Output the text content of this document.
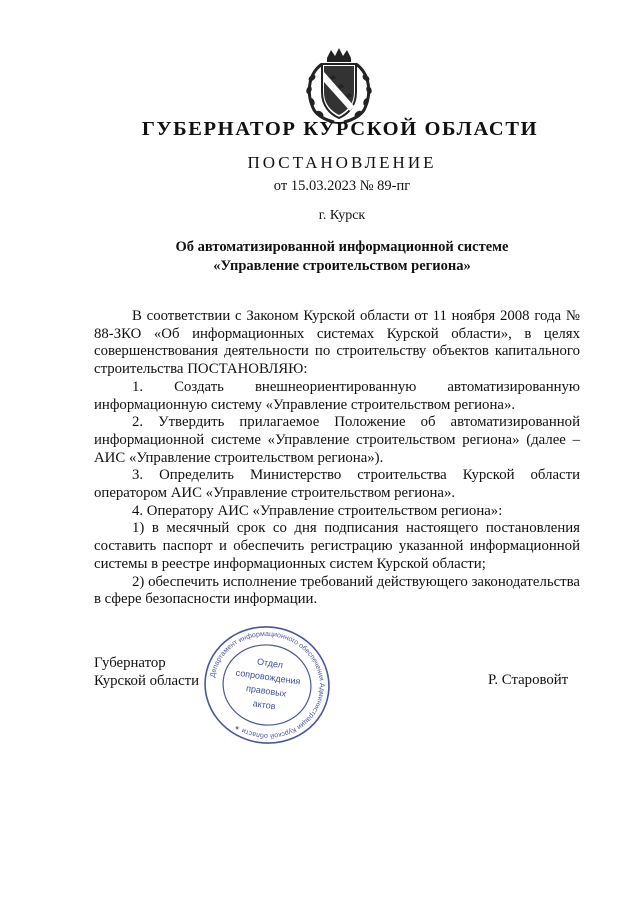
ГУБЕРНАТОР КУРСКОЙ ОБЛАСТИ
ПОСТАНОВЛЕНИЕ
от 15.03.2023 № 89-пг
г. Курск
Об автоматизированной информационной системе
«Управление строительством региона»

В соответствии с Законом Курской области от 11 ноября 2008 года № 88-ЗКО «Об информационных системах Курской области», в целях совершенствования деятельности по строительству объектов капитального строительства ПОСТАНОВЛЯЮ:

1. Создать внешнеориентированную автоматизированную информационную систему «Управление строительством региона».

2. Утвердить прилагаемое Положение об автоматизированной информационной системе «Управление строительством региона» (далее – АИС «Управление строительством региона»).

3. Определить Министерство строительства Курской области оператором АИС «Управление строительством региона».

4. Оператору АИС «Управление строительством региона»:

1) в месячный срок со дня подписания настоящего постановления составить паспорт и обеспечить регистрацию указанной информационной системы в реестре информационных систем Курской области;

2) обеспечить исполнение требований действующего законодательства в сфере безопасности информации.

Губернатор
Курской области	Р. Старовойт
Департамент информационного обеспечения Администрации Курской области ✶
Отдел
сопровождения
правовых
актов
